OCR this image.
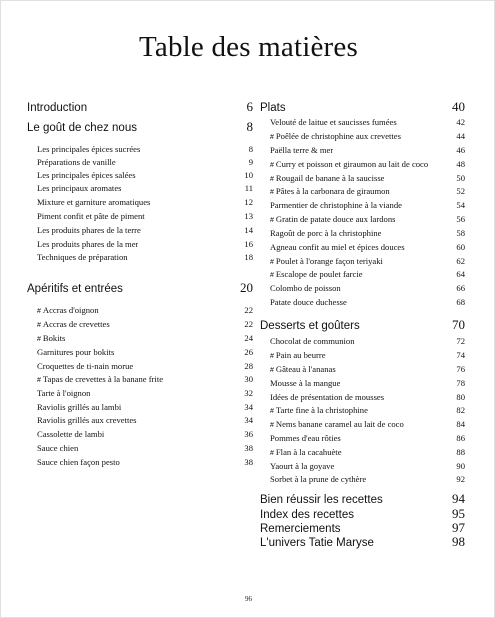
Table des matières
Introduction	6
Le goût de chez nous	8
Les principales épices sucrées	8
Préparations de vanille	9
Les principales épices salées	10
Les principaux aromates	11
Mixture et garniture aromatiques	12
Piment confit et pâte de piment	13
Les produits phares de la terre	14
Les produits phares de la mer	16
Techniques de préparation	18
Apéritifs et entrées	20
# Accras d'oignon	22
# Accras de crevettes	22
# Bokits	24
Garnitures pour bokits	26
Croquettes de ti-nain morue	28
# Tapas de crevettes à la banane frite	30
Tarte à l'oignon	32
Raviolis grillés au lambi	34
Raviolis grillés aux crevettes	34
Cassolette de lambi	36
Sauce chien	38
Sauce chien façon pesto	38
Plats	40
Velouté de laitue et saucisses fumées	42
# Poêlée de christophine aux crevettes	44
Paëlla terre & mer	46
# Curry et poisson et giraumon au lait de coco	48
# Rougail de banane à la saucisse	50
# Pâtes à la carbonara de giraumon	52
Parmentier de christophine à la viande	54
# Gratin de patate douce aux lardons	56
Ragoût de porc à la christophine	58
Agneau confit au miel et épices douces	60
# Poulet à l'orange façon teriyaki	62
# Escalope de poulet farcie	64
Colombo de poisson	66
Patate douce duchesse	68
Desserts et goûters	70
Chocolat de communion	72
# Pain au beurre	74
# Gâteau à l'ananas	76
Mousse à la mangue	78
Idées de présentation de mousses	80
# Tarte fine à la christophine	82
# Nems banane caramel au lait de coco	84
Pommes d'eau rôties	86
# Flan à la cacahuète	88
Yaourt à la goyave	90
Sorbet à la prune de cythère	92
Bien réussir les recettes	94
Index des recettes	95
Remerciements	97
L'univers Tatie Maryse	98
96
